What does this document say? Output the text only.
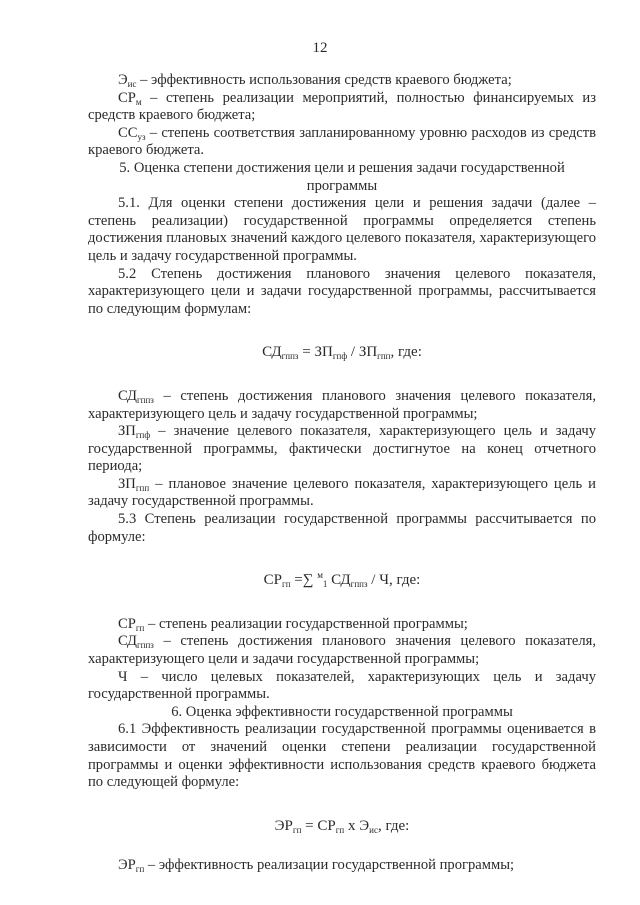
12

$Э_{ис}$ – эффективность использования средств краевого бюджета;

$СР_м$ – степень реализации мероприятий, полностью финансируемых из средств краевого бюджета;

$СС_{уз}$ – степень соответствия запланированному уровню расходов из средств краевого бюджета.

5. Оценка степени достижения цели и решения задачи государственной программы

5.1. Для оценки степени достижения цели и решения задачи (далее – степень реализации) государственной программы определяется степень достижения плановых значений каждого целевого показателя, характеризующего цель и задачу государственной программы.

5.2 Степень достижения планового значения целевого показателя, характеризующего цели и задачи государственной программы, рассчитывается по следующим формулам:

$СД_{гппз} = ЗП_{гпф} / ЗП_{гпп}$, где:

$СД_{гппз}$ – степень достижения планового значения целевого показателя, характеризующего цель и задачу государственной программы;

$ЗП_{гпф}$ – значение целевого показателя, характеризующего цель и задачу государственной программы, фактически достигнутое на конец отчетного периода;

$ЗП_{гпп}$ – плановое значение целевого показателя, характеризующего цель и задачу государственной программы.

5.3 Степень реализации государственной программы рассчитывается по формуле:

$СР_{гп}$ =∑ $^м_1$ $СД_{гппз}$ / Ч, где:

$СР_{гп}$ – степень реализации государственной программы;

$СД_{гппз}$ – степень достижения планового значения целевого показателя, характеризующего цели и задачи государственной программы;

Ч – число целевых показателей, характеризующих цель и задачу государственной программы.

6. Оценка эффективности государственной программы

6.1 Эффективность реализации государственной программы оценивается в зависимости от значений оценки степени реализации государственной программы и оценки эффективности использования средств краевого бюджета по следующей формуле:

$ЭР_{гп} = СР_{гп}$ х $Э_{ис}$, где:

$ЭР_{гп}$ – эффективность реализации государственной программы;
